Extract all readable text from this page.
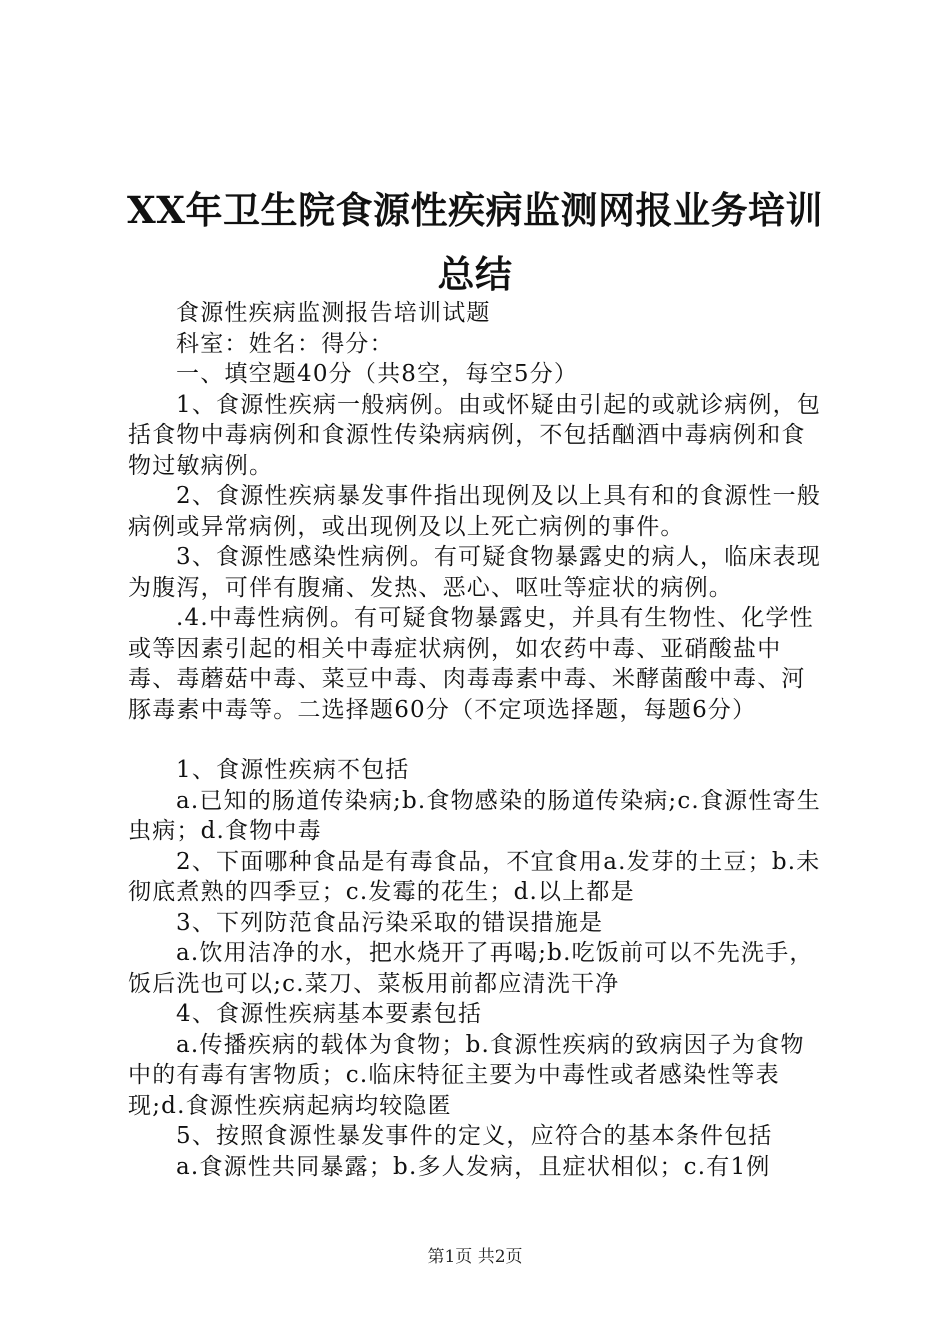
XX年卫生院食源性疾病监测网报业务培训总结

食源性疾病监测报告培训试题

科室：姓名：得分：

一、填空题40分（共8空，每空5分）

1、食源性疾病一般病例。由或怀疑由引起的或就诊病例，包括食物中毒病例和食源性传染病病例，不包括酗酒中毒病例和食物过敏病例。

2、食源性疾病暴发事件指出现例及以上具有和的食源性一般病例或异常病例，或出现例及以上死亡病例的事件。

3、食源性感染性病例。有可疑食物暴露史的病人，临床表现为腹泻，可伴有腹痛、发热、恶心、呕吐等症状的病例。

.4.中毒性病例。有可疑食物暴露史，并具有生物性、化学性或等因素引起的相关中毒症状病例，如农药中毒、亚硝酸盐中毒、毒蘑菇中毒、菜豆中毒、肉毒毒素中毒、米酵菌酸中毒、河豚毒素中毒等。二选择题60分（不定项选择题，每题6分）

1、食源性疾病不包括

a.已知的肠道传染病;b.食物感染的肠道传染病;c.食源性寄生虫病；d.食物中毒

2、下面哪种食品是有毒食品，不宜食用a.发芽的土豆；b.未彻底煮熟的四季豆；c.发霉的花生；d.以上都是

3、下列防范食品污染采取的错误措施是

a.饮用洁净的水，把水烧开了再喝;b.吃饭前可以不先洗手，饭后洗也可以;c.菜刀、菜板用前都应清洗干净

4、食源性疾病基本要素包括

a.传播疾病的载体为食物；b.食源性疾病的致病因子为食物中的有毒有害物质；c.临床特征主要为中毒性或者感染性等表现;d.食源性疾病起病均较隐匿

5、按照食源性暴发事件的定义，应符合的基本条件包括

a.食源性共同暴露；b.多人发病，且症状相似；c.有1例

第1页 共2页
